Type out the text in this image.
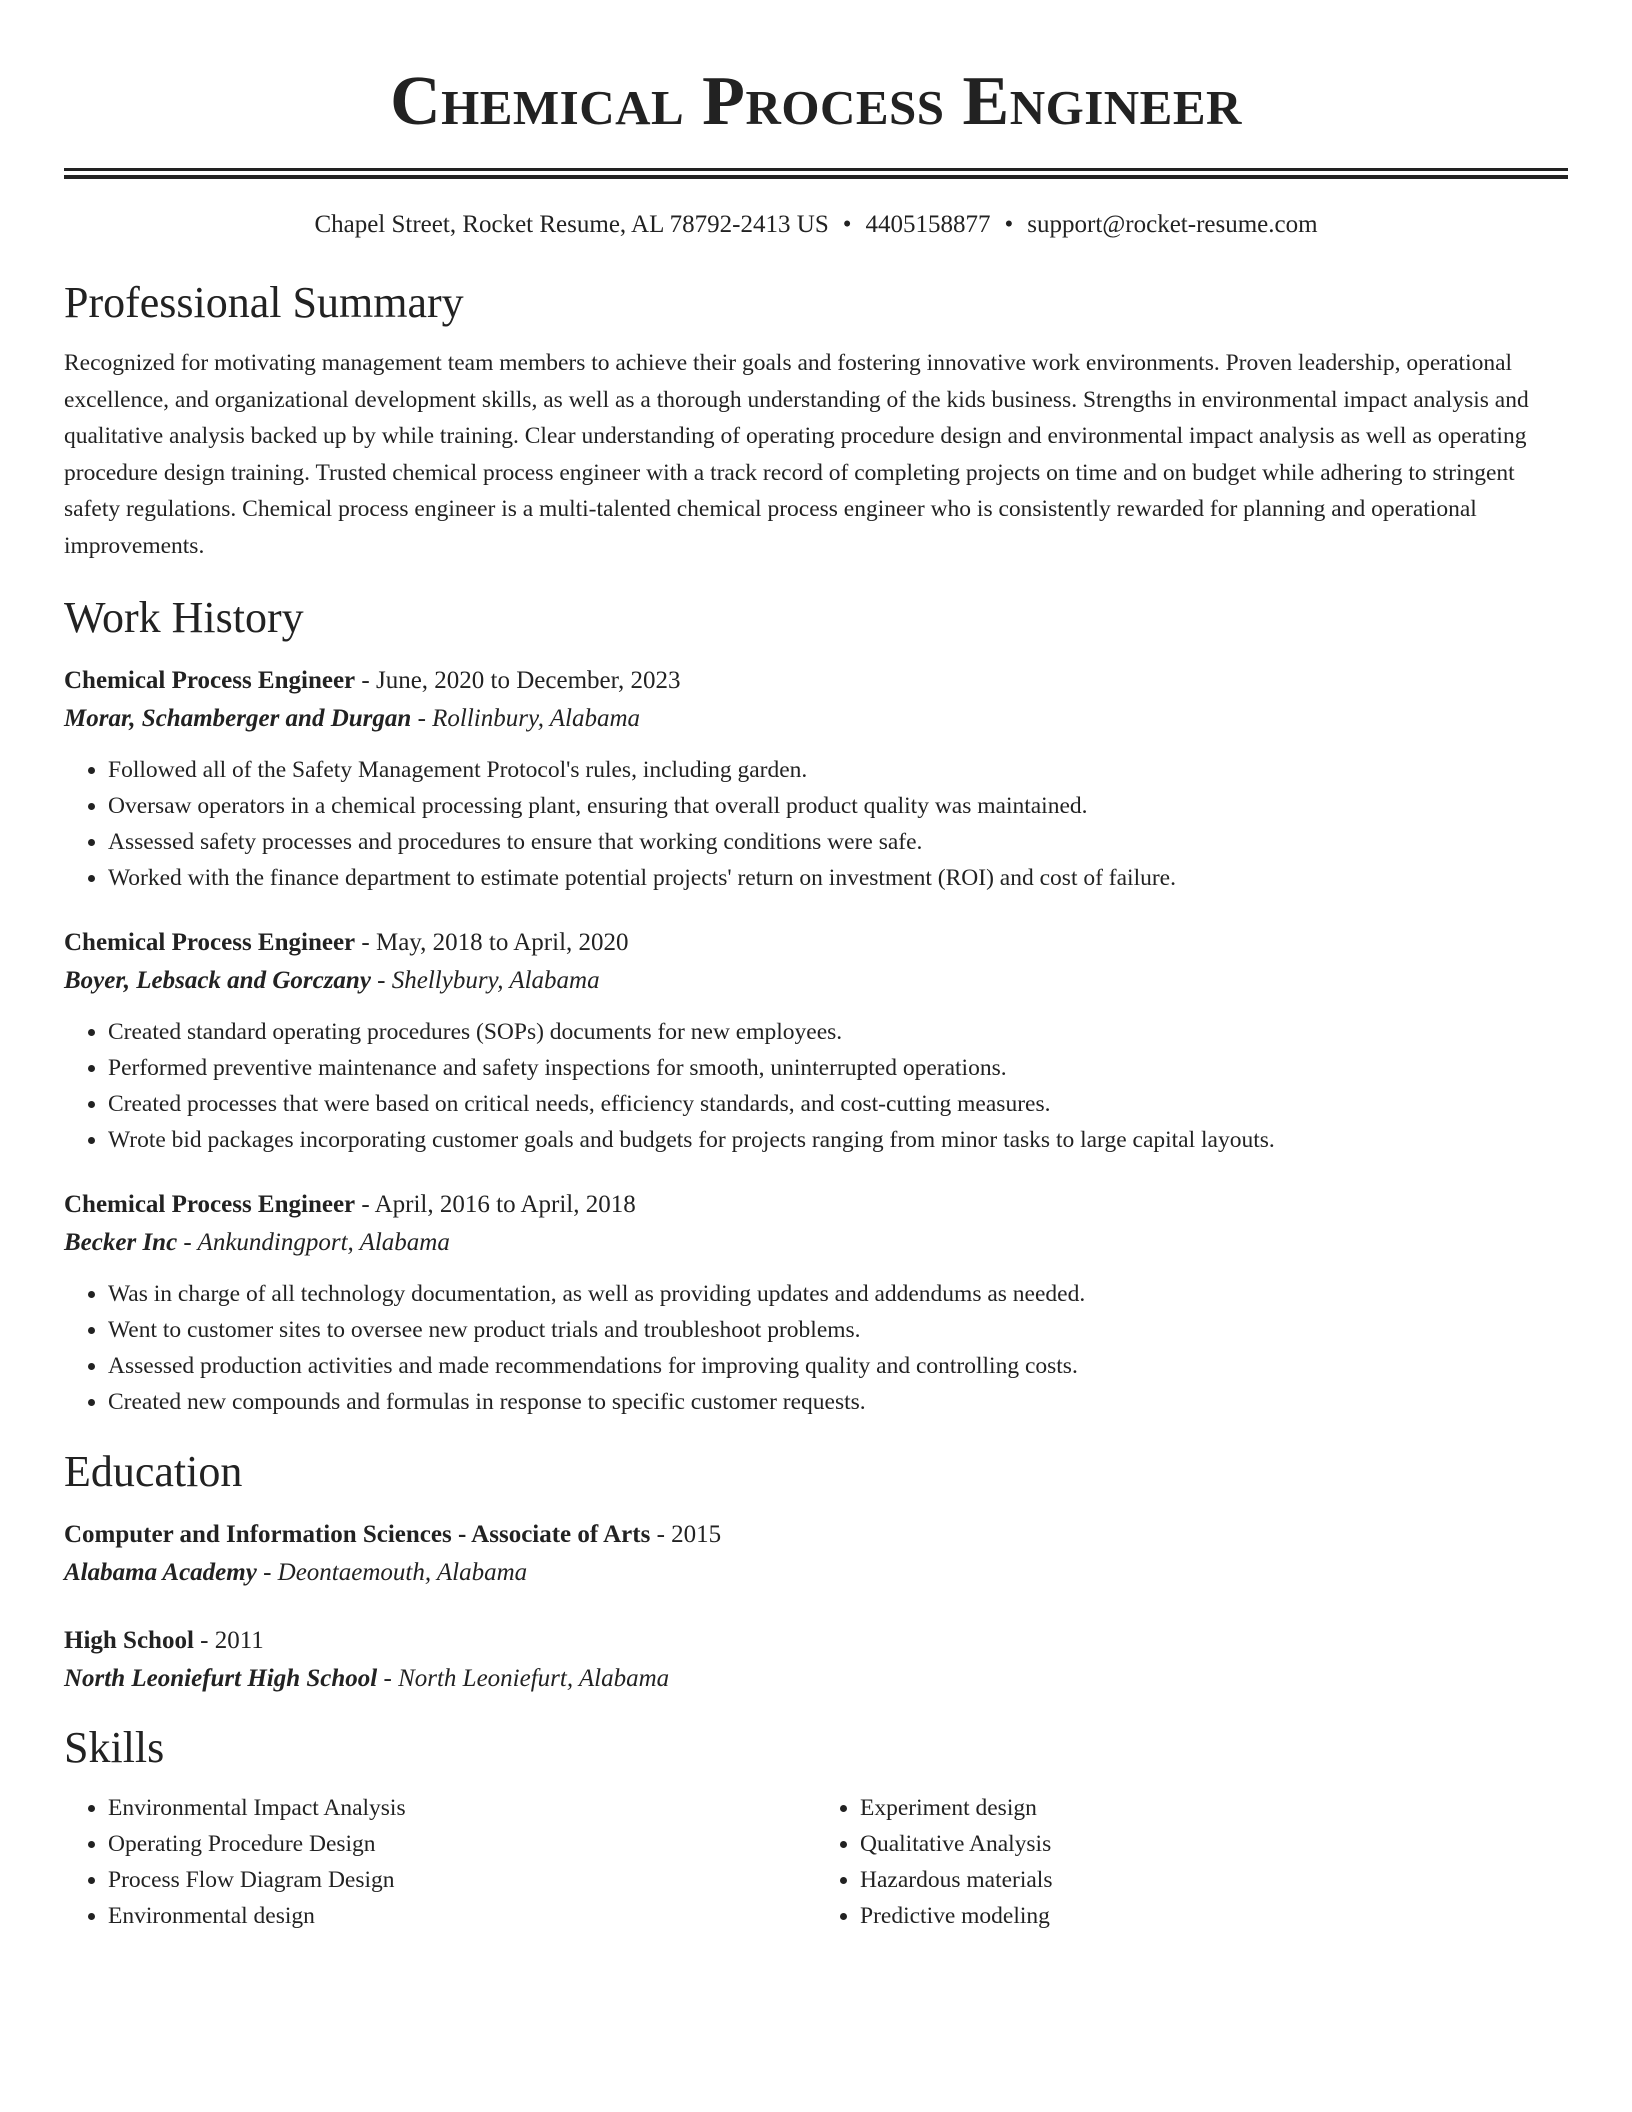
Chemical Process Engineer
Chapel Street, Rocket Resume, AL 78792-2413 US • 4405158877 • support@rocket-resume.com
Professional Summary

Recognized for motivating management team members to achieve their goals and fostering innovative work environments. Proven leadership, operational excellence, and organizational development skills, as well as a thorough understanding of the kids business. Strengths in environmental impact analysis and qualitative analysis backed up by while training. Clear understanding of operating procedure design and environmental impact analysis as well as operating procedure design training. Trusted chemical process engineer with a track record of completing projects on time and on budget while adhering to stringent safety regulations. Chemical process engineer is a multi-talented chemical process engineer who is consistently rewarded for planning and operational improvements.

Work History
Chemical Process Engineer - June, 2020 to December, 2023
Morar, Schamberger and Durgan - Rollinbury, Alabama
• Followed all of the Safety Management Protocol's rules, including garden.
• Oversaw operators in a chemical processing plant, ensuring that overall product quality was maintained.
• Assessed safety processes and procedures to ensure that working conditions were safe.
• Worked with the finance department to estimate potential projects' return on investment (ROI) and cost of failure.
Chemical Process Engineer - May, 2018 to April, 2020
Boyer, Lebsack and Gorczany - Shellybury, Alabama
• Created standard operating procedures (SOPs) documents for new employees.
• Performed preventive maintenance and safety inspections for smooth, uninterrupted operations.
• Created processes that were based on critical needs, efficiency standards, and cost-cutting measures.
• Wrote bid packages incorporating customer goals and budgets for projects ranging from minor tasks to large capital layouts.
Chemical Process Engineer - April, 2016 to April, 2018
Becker Inc - Ankundingport, Alabama
• Was in charge of all technology documentation, as well as providing updates and addendums as needed.
• Went to customer sites to oversee new product trials and troubleshoot problems.
• Assessed production activities and made recommendations for improving quality and controlling costs.
• Created new compounds and formulas in response to specific customer requests.
Education
Computer and Information Sciences - Associate of Arts - 2015
Alabama Academy - Deontaemouth, Alabama
High School - 2011
North Leoniefurt High School - North Leoniefurt, Alabama
Skills
• Environmental Impact Analysis
• Operating Procedure Design
• Process Flow Diagram Design
• Environmental design
• Experiment design
• Qualitative Analysis
• Hazardous materials
• Predictive modeling
